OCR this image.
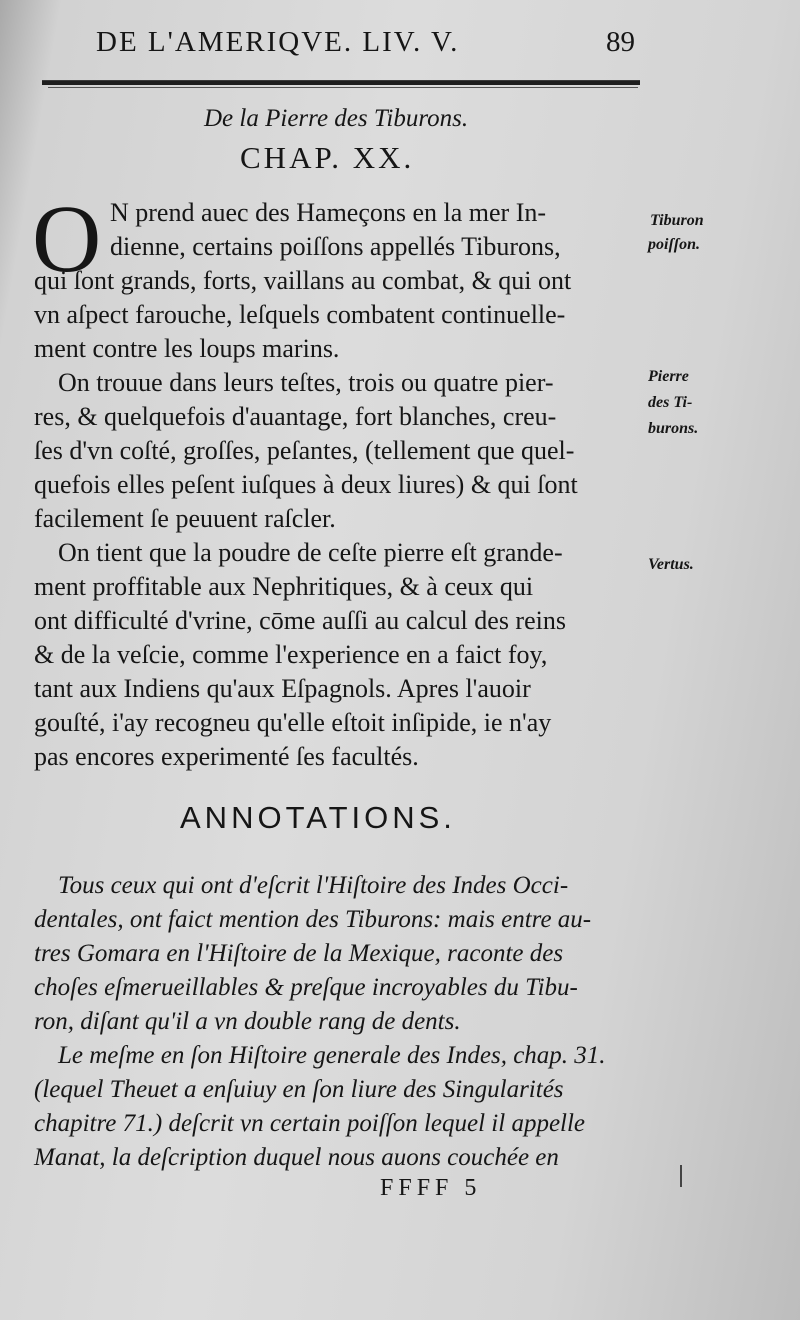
DE L'AMERIQVE. LIV. V.	89
De la Pierre des Tiburons.
CHAP. XX.
O N prend auec des Hameçons en la mer In-
dienne, certains poiſſons appellés Tiburons,
qui ſont grands, forts, vaillans au combat, & qui ont
vn aſpect farouche, leſquels combatent continuelle-
ment contre les loups marins.
On trouue dans leurs teſtes, trois ou quatre pier-
res, & quelquefois d'auantage, fort blanches, creu-
ſes d'vn coſté, groſſes, peſantes, (tellement que quel-
quefois elles peſent iuſques à deux liures) & qui ſont
facilement ſe peuuent raſcler.
On tient que la poudre de ceſte pierre eſt grande-
ment proffitable aux Nephritiques, & à ceux qui
ont difficulté d'vrine, cōme auſſi au calcul des reins
& de la veſcie, comme l'experience en a faict foy,
tant aux Indiens qu'aux Eſpagnols. Apres l'auoir
gouſté, i'ay recogneu qu'elle eſtoit inſipide, ie n'ay
pas encores experimenté ſes facultés.
Tiburon
poiſſon.
Pierre
des Ti-
burons.
Vertus.
ANNOTATIONS.
Tous ceux qui ont d'eſcrit l'Hiſtoire des Indes Occi-
dentales, ont faict mention des Tiburons: mais entre au-
tres Gomara en l'Hiſtoire de la Mexique, raconte des
choſes eſmerueillables & preſque incroyables du Tibu-
ron, diſant qu'il a vn double rang de dents.
Le meſme en ſon Hiſtoire generale des Indes, chap. 31.
(lequel Theuet a enſuiuy en ſon liure des Singularités
chapitre 71.) deſcrit vn certain poiſſon lequel il appelle
Manat, la deſcription duquel nous auons couchée en
FFFF 5
